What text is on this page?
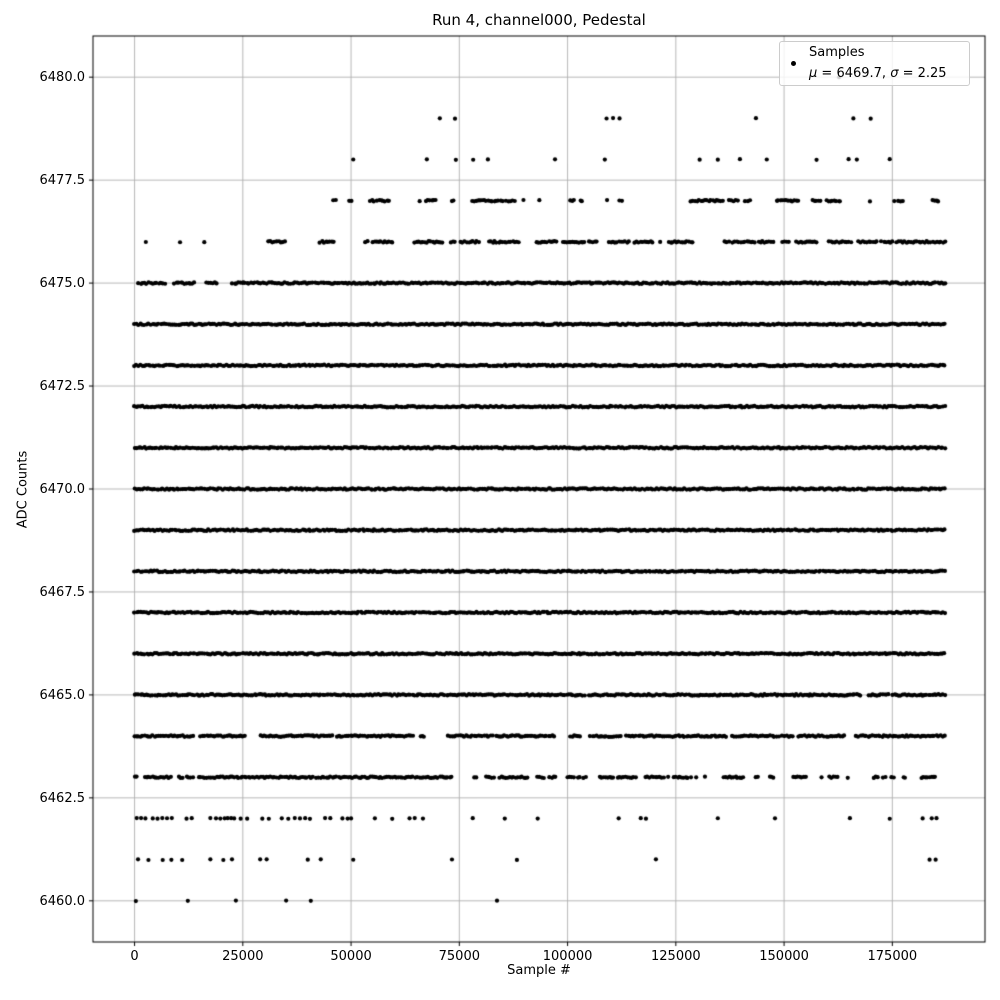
Run 4, channel000, Pedestal
Sample #
ADC Counts
0	25000	50000	75000	100000	125000	150000	175000
6460.0
6462.5
6465.0
6467.5
6470.0
6472.5
6475.0
6477.5
6480.0
Samples
μ = 6469.7, σ = 2.25
